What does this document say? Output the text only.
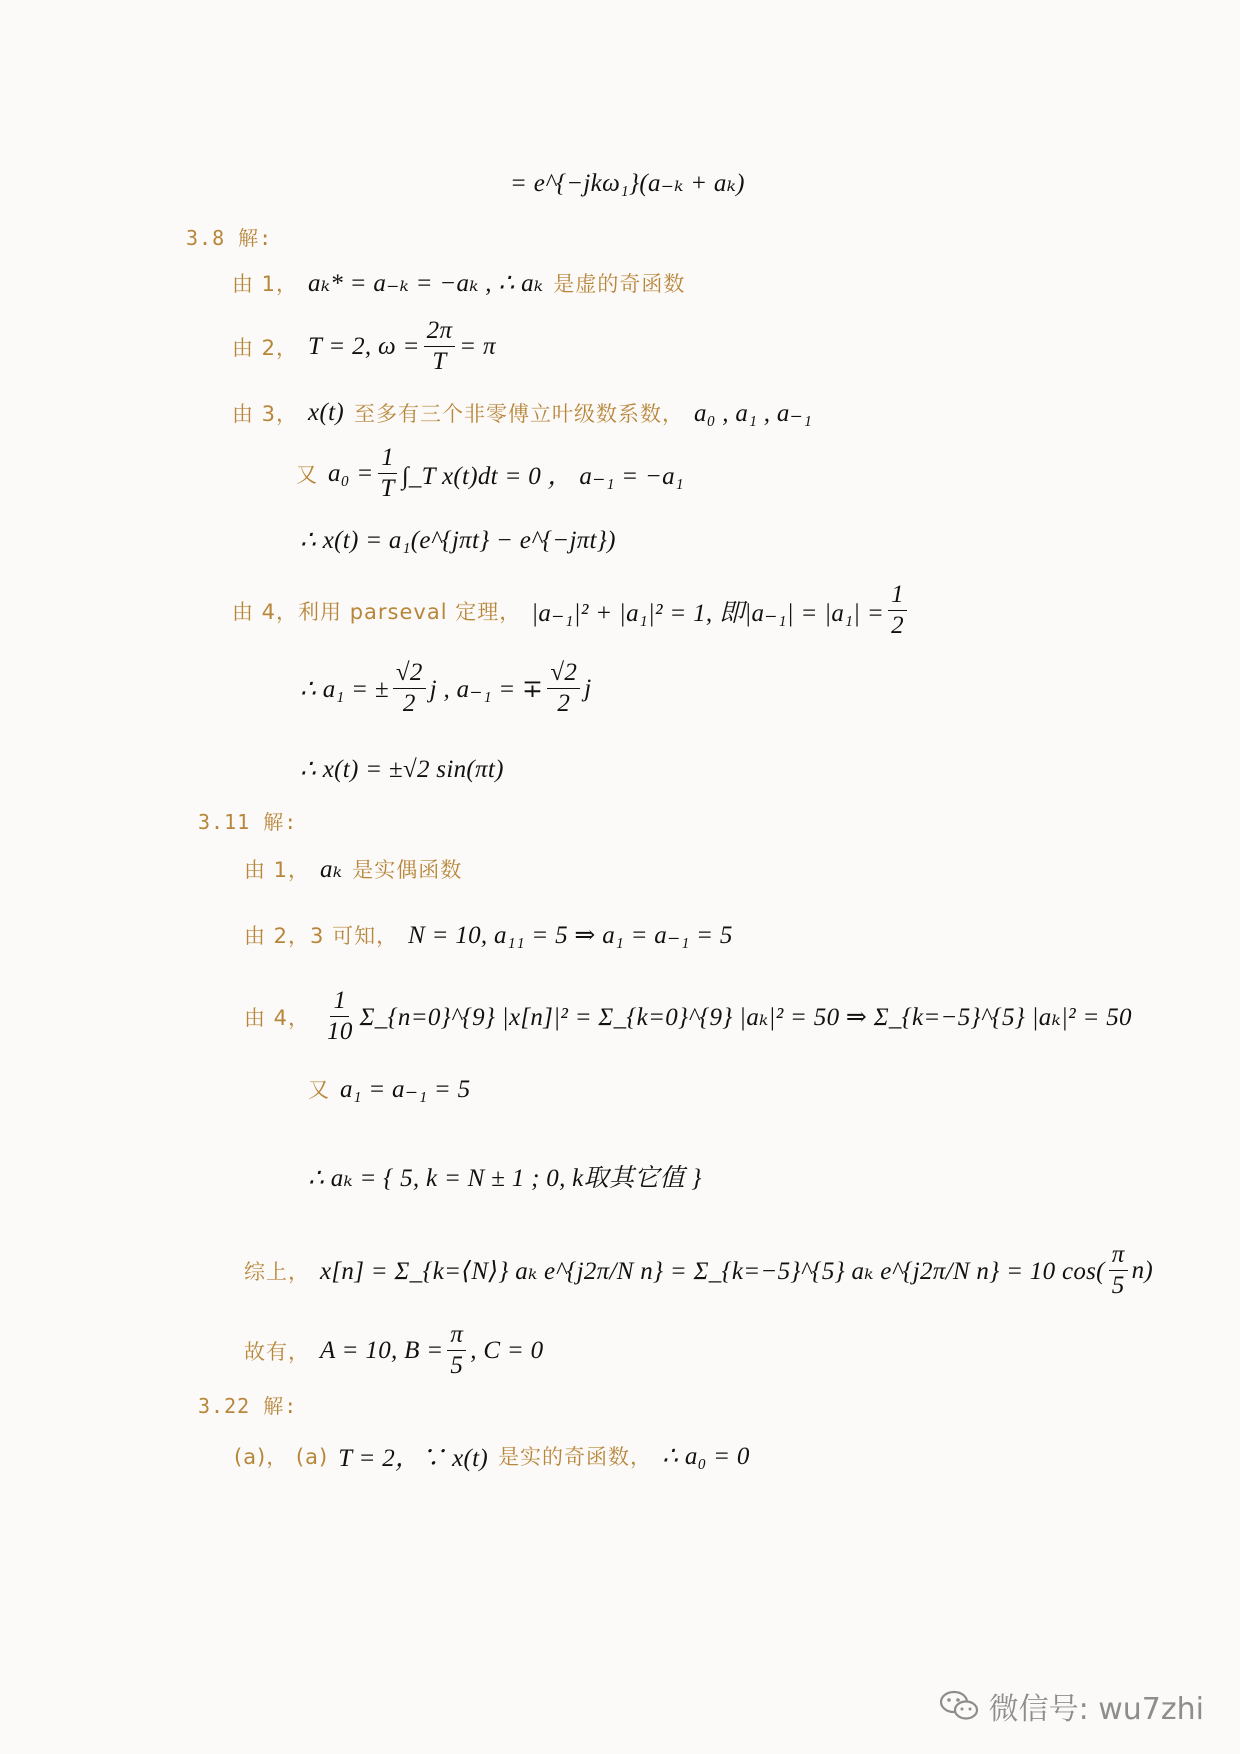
= e^{−jkω₁}(a₋ₖ + aₖ)
3.8 解:
由 1， aₖ* = a₋ₖ = −aₖ , ∴ aₖ 是虚的奇函数
由 2， T = 2, $\omega = \frac{2\pi}{T} = \pi$
由 3， x(t) 至多有三个非零傅立叶级数系数， a₀ , a₁ , a₋₁
又 $a_0 = \frac{1}{T}$ ∫_T x(t)dt = 0 ， a₋₁ = −a₁
∴ x(t) = a₁(e^{jπt} − e^{−jπt})
由 4，利用 parseval 定理， |a₋₁|² + |a₁|² = 1, 即$|a_{-1}| = |a_1| = \frac{1}{2}$
∴ a₁ = ± $\frac{√2}{2}$ j , a₋₁ = ∓ $\frac{√2}{2}$ j
∴ x(t) = ±√2 sin(πt)
3.11 解:
由 1， aₖ 是实偶函数
由 2，3 可知， N = 10, a₁₁ = 5 ⇒ a₁ = a₋₁ = 5
由 4， $\frac{1}{10}$ Σ_{n=0}^{9} |x[n]|² = Σ_{k=0}^{9} |aₖ|² = 50 ⇒ Σ_{k=−5}^{5} |aₖ|² = 50
又 a₁ = a₋₁ = 5
∴ aₖ = { 5, k = N ± 1 ; 0, k取其它值 }
综上， x[n] = Σ_{k=⟨N⟩} aₖ e^{j2π/N n} = Σ_{k=−5}^{5} aₖ e^{j2π/N n} = 10 $\cos( \frac{\pi}{5} n)$
故有， A = 10, $B = \frac{\pi}{5}$ , C = 0
3.22 解:
(a)， (a) T = 2，∵ x(t) 是实的奇函数， ∴ a₀ = 0
微信号: wu7zhi
